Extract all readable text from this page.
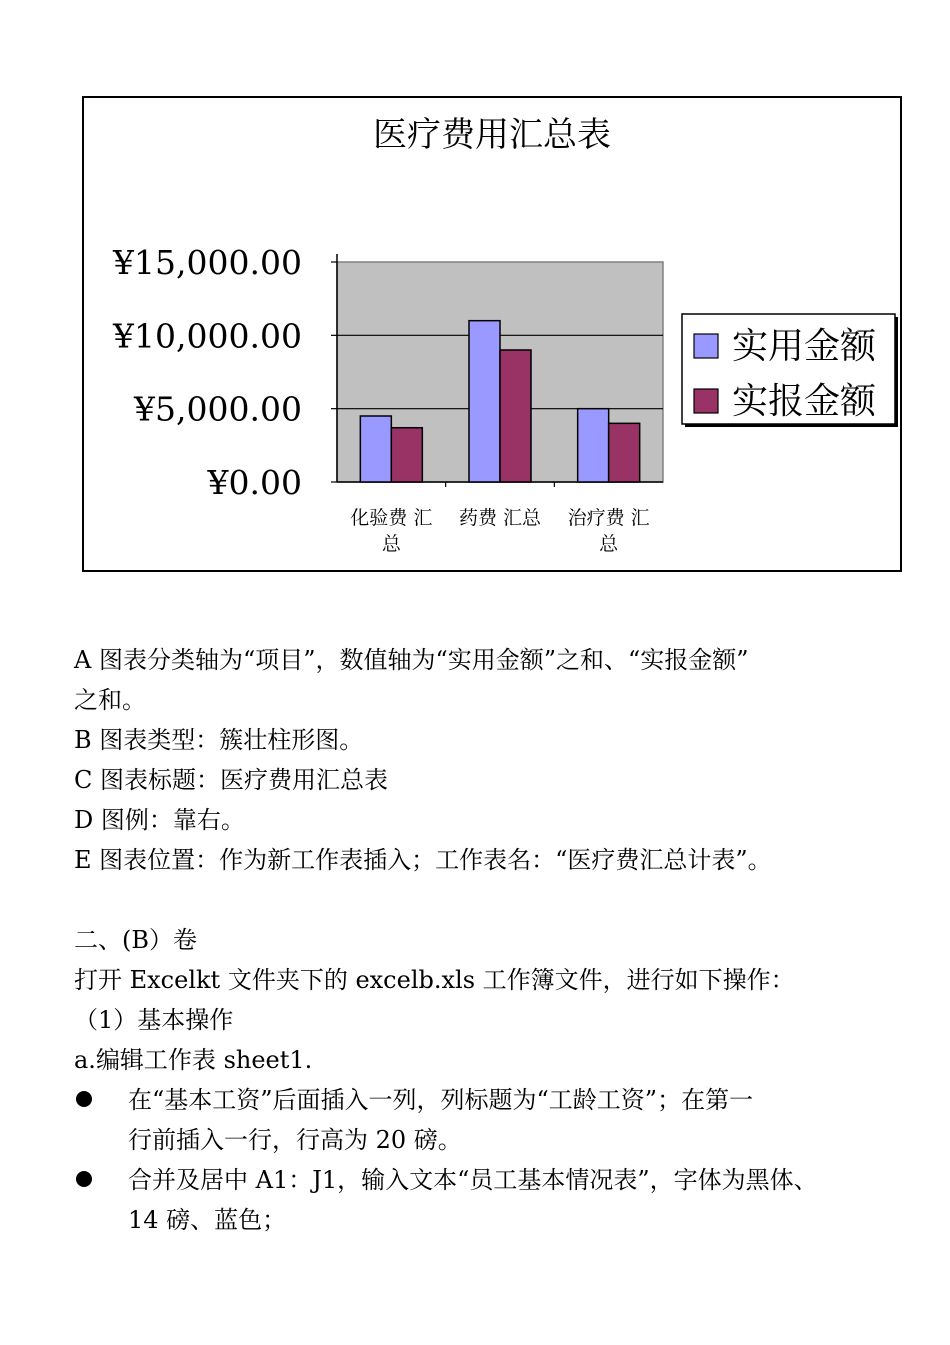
医疗费用汇总表
¥0.00
¥5,000.00
¥10,000.00
¥15,000.00
化验费 汇
总
药费 汇总 治疗费 汇
总
实用金额
实报金额

A 图表分类轴为“项目”，数值轴为“实用金额”之和、“实报金额”

之和。

B 图表类型：簇壮柱形图。

C 图表标题：医疗费用汇总表

D 图例：靠右。

E 图表位置：作为新工作表插入；工作表名：“医疗费汇总计表”。

二、(B）卷

打开 Excelkt 文件夹下的 excelb.xls 工作簿文件，进行如下操作：

（1）基本操作

a.编辑工作表 sheet1.

在“基本工资”后面插入一列，列标题为“工龄工资”；在第一
行前插入一行，行高为 20 磅。
合并及居中 A1：J1，输入文本“员工基本情况表”，字体为黑体、
14 磅、蓝色；
